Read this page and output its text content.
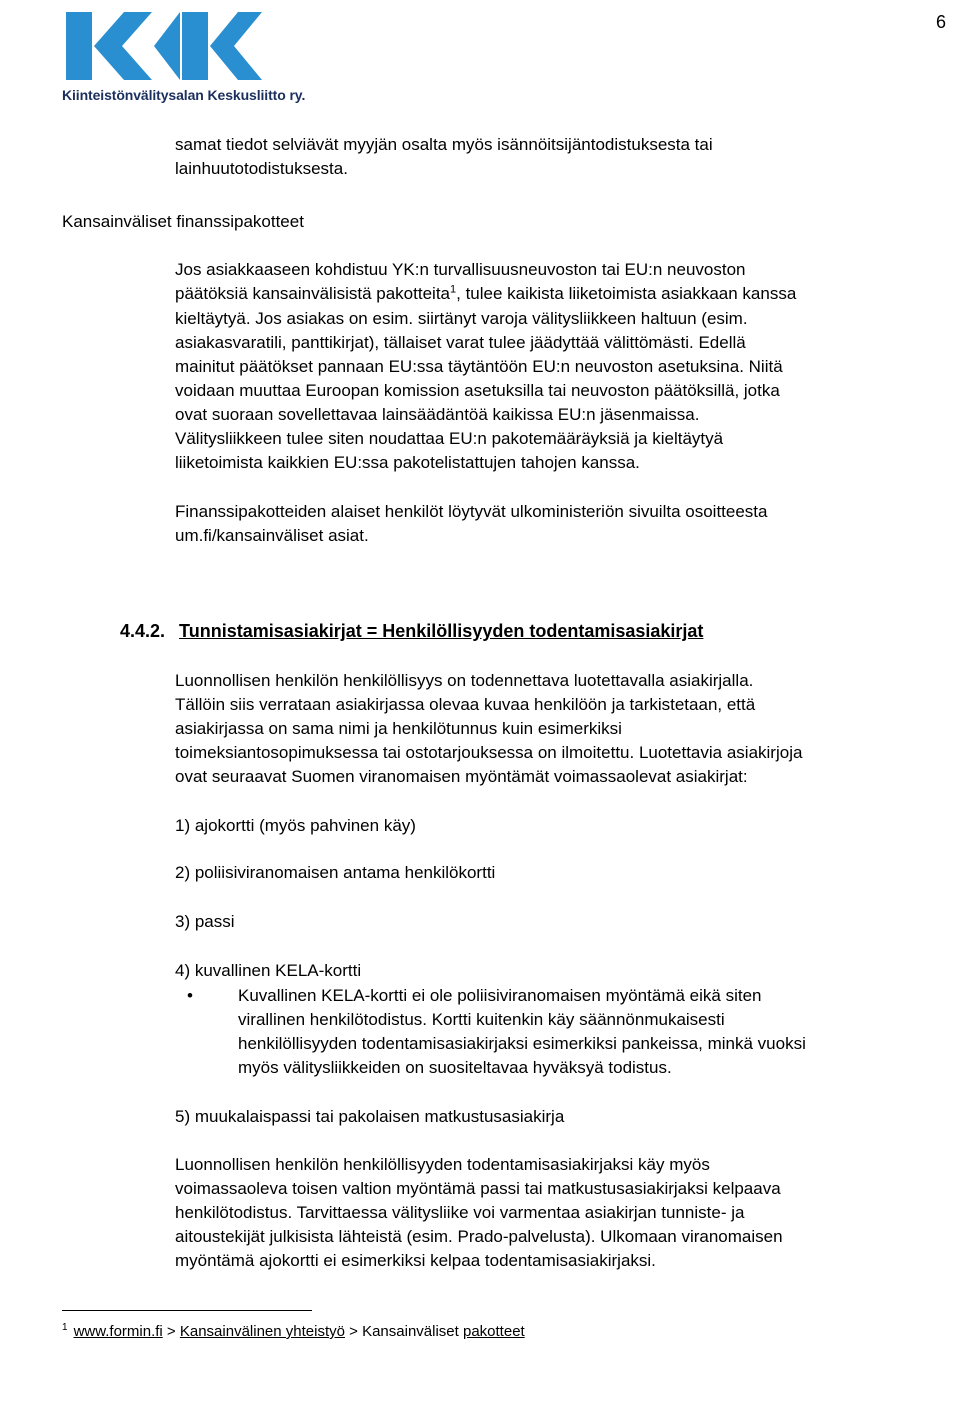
6
Kiinteistönvälitysalan Keskusliitto ry.
samat tiedot selviävät myyjän osalta myös isännöitsijäntodistuksesta tai
lainhuutotodistuksesta.
Kansainväliset finanssipakotteet
Jos asiakkaaseen kohdistuu YK:n turvallisuusneuvoston tai EU:n neuvoston
päätöksiä kansainvälisistä pakotteita$^1$, tulee kaikista liiketoimista asiakkaan kanssa
kieltäytyä. Jos asiakas on esim. siirtänyt varoja välitysliikkeen haltuun (esim.
asiakasvaratili, panttikirjat), tällaiset varat tulee jäädyttää välittömästi. Edellä
mainitut päätökset pannaan EU:ssa täytäntöön EU:n neuvoston asetuksina. Niitä
voidaan muuttaa Euroopan komission asetuksilla tai neuvoston päätöksillä, jotka
ovat suoraan sovellettavaa lainsäädäntöä kaikissa EU:n jäsenmaissa.
Välitysliikkeen tulee siten noudattaa EU:n pakotemääräyksiä ja kieltäytyä
liiketoimista kaikkien EU:ssa pakotelistattujen tahojen kanssa.
Finanssipakotteiden alaiset henkilöt löytyvät ulkoministeriön sivuilta osoitteesta
um.fi/kansainväliset asiat.
4.4.2. Tunnistamisasiakirjat = Henkilöllisyyden todentamisasiakirjat
Luonnollisen henkilön henkilöllisyys on todennettava luotettavalla asiakirjalla.
Tällöin siis verrataan asiakirjassa olevaa kuvaa henkilöön ja tarkistetaan, että
asiakirjassa on sama nimi ja henkilötunnus kuin esimerkiksi
toimeksiantosopimuksessa tai ostotarjouksessa on ilmoitettu. Luotettavia asiakirjoja
ovat seuraavat Suomen viranomaisen myöntämät voimassaolevat asiakirjat:
1) ajokortti (myös pahvinen käy)
2) poliisiviranomaisen antama henkilökortti
3) passi
4) kuvallinen KELA-kortti
•	Kuvallinen KELA-kortti ei ole poliisiviranomaisen myöntämä eikä siten
virallinen henkilötodistus. Kortti kuitenkin käy säännönmukaisesti
henkilöllisyyden todentamisasiakirjaksi esimerkiksi pankeissa, minkä vuoksi
myös välitysliikkeiden on suositeltavaa hyväksyä todistus.
5) muukalaispassi tai pakolaisen matkustusasiakirja
Luonnollisen henkilön henkilöllisyyden todentamisasiakirjaksi käy myös
voimassaoleva toisen valtion myöntämä passi tai matkustusasiakirjaksi kelpaava
henkilötodistus. Tarvittaessa välitysliike voi varmentaa asiakirjan tunniste- ja
aitoustekijät julkisista lähteistä (esim. Prado-palvelusta). Ulkomaan viranomaisen
myöntämä ajokortti ei esimerkiksi kelpaa todentamisasiakirjaksi.
$^1$ www.formin.fi > Kansainvälinen yhteistyö > Kansainväliset pakotteet
